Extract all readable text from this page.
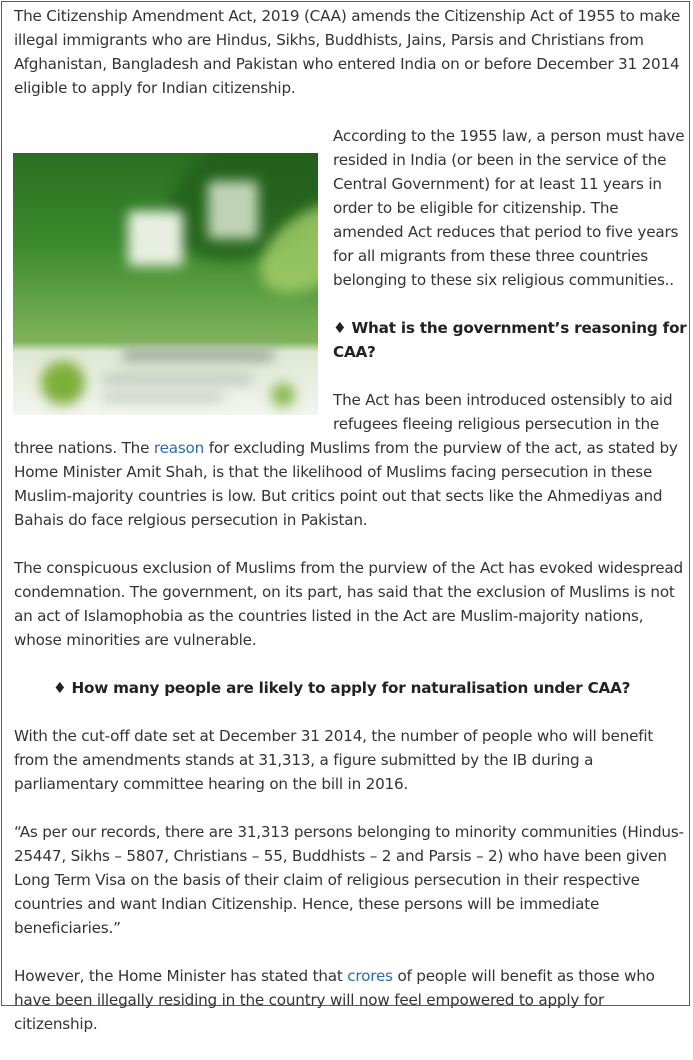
The Citizenship Amendment Act, 2019 (CAA) amends the Citizenship Act of 1955 to make illegal immigrants who are Hindus, Sikhs, Buddhists, Jains, Parsis and Christians from Afghanistan, Bangladesh and Pakistan who entered India on or before December 31 2014 eligible to apply for Indian citizenship.

According to the 1955 law, a person must have resided in India (or been in the service of the Central Government) for at least 11 years in order to be eligible for citizenship. The amended Act reduces that period to five years for all migrants from these three countries belonging to these six religious communities..

♦ What is the government’s reasoning for CAA?

The Act has been introduced ostensibly to aid refugees fleeing religious persecution in the three nations. The reason for excluding Muslims from the purview of the act, as stated by Home Minister Amit Shah, is that the likelihood of Muslims facing persecution in these Muslim-majority countries is low. But critics point out that sects like the Ahmediyas and Bahais do face relgious persecution in Pakistan.

The conspicuous exclusion of Muslims from the purview of the Act has evoked widespread condemnation. The government, on its part, has said that the exclusion of Muslims is not an act of Islamophobia as the countries listed in the Act are Muslim-majority nations, whose minorities are vulnerable.

♦ How many people are likely to apply for naturalisation under CAA?

With the cut-off date set at December 31 2014, the number of people who will benefit from the amendments stands at 31,313, a figure submitted by the IB during a parliamentary committee hearing on the bill in 2016.

“As per our records, there are 31,313 persons belonging to minority communities (Hindus- 25447, Sikhs – 5807, Christians – 55, Buddhists – 2 and Parsis – 2) who have been given Long Term Visa on the basis of their claim of religious persecution in their respective countries and want Indian Citizenship. Hence, these persons will be immediate beneficiaries.”

However, the Home Minister has stated that crores of people will benefit as those who have been illegally residing in the country will now feel empowered to apply for citizenship.
